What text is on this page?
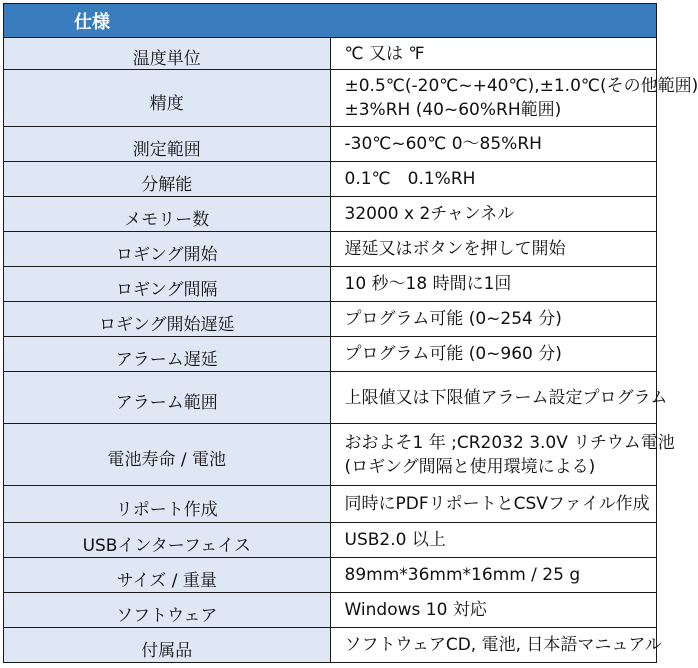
仕様	
温度単位	℃ 又は ℉

精度	±0.5℃(-20℃~+40℃),±1.0℃(その他範囲)
±3%RH (40~60%RH範囲)

測定範囲	-30℃~60℃ 0～85%RH

分解能	0.1℃　0.1%RH

メモリー数	32000 x 2チャンネル

ロギング開始	遅延又はボタンを押して開始

ロギング間隔	10 秒～18 時間に1回

ロギング開始遅延	プログラム可能 (0~254 分)

アラーム遅延	プログラム可能 (0~960 分)

アラーム範囲	上限値又は下限値アラーム設定プログラム

電池寿命 / 電池	おおよそ1 年 ;CR2032 3.0V リチウム電池
(ロギング間隔と使用環境による)

リポート作成	同時にPDFリポートとCSVファイル作成

USBインターフェイス	USB2.0 以上

サイズ / 重量	89mm*36mm*16mm / 25 g

ソフトウェア	Windows 10 対応

付属品	ソフトウェアCD, 電池, 日本語マニュアル
